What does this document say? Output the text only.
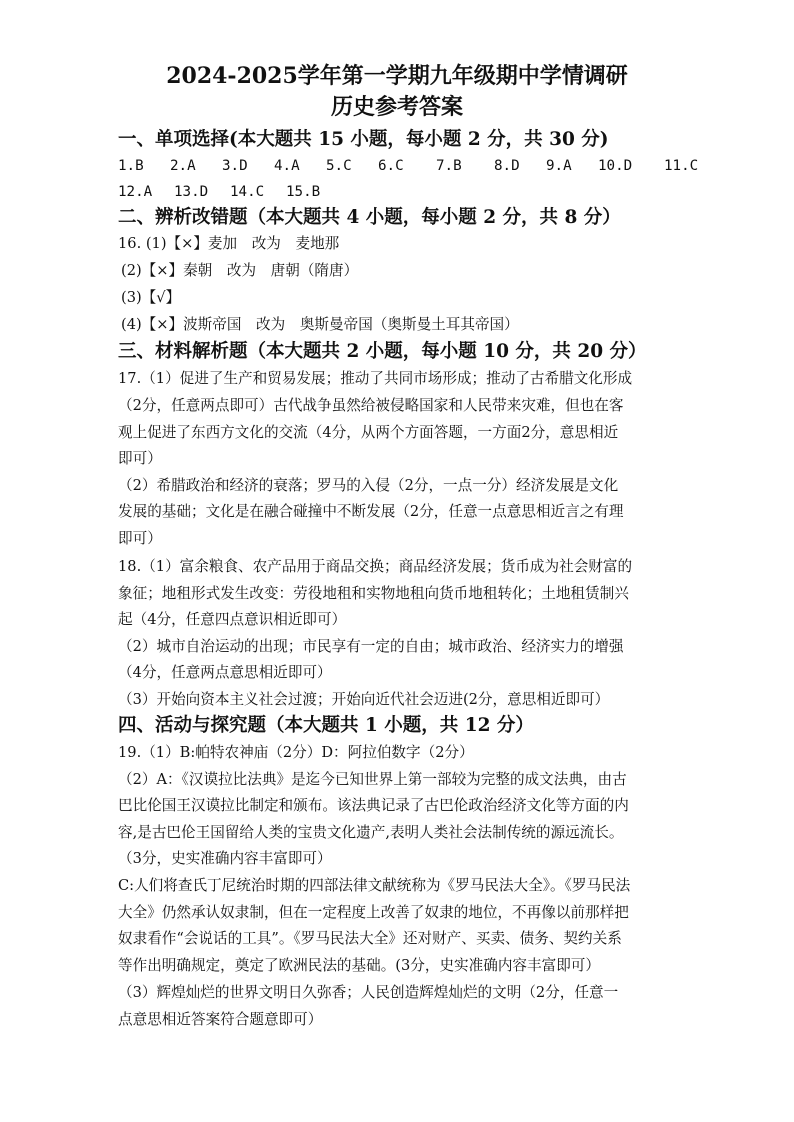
2024-2025学年第一学期九年级期中学情调研
历史参考答案
一、单项选择(本大题共 15 小题，每小题 2 分，共 30 分)
1.B 2.A 3.D 4.A 5.C 6.C 7.B 8.D 9.A 10.D 11.C
12.A 13.D 14.C 15.B
二、辨析改错题（本大题共 4 小题，每小题 2 分，共 8 分）
16. (1)【×】麦加　改为　麦地那
(2)【×】秦朝　改为　唐朝（隋唐）
(3)【√】
(4)【×】波斯帝国　改为　奥斯曼帝国（奥斯曼土耳其帝国）
三、材料解析题（本大题共 2 小题，每小题 10 分，共 20 分）
17.（1）促进了生产和贸易发展；推动了共同市场形成；推动了古希腊文化形成
（2分，任意两点即可）古代战争虽然给被侵略国家和人民带来灾难，但也在客
观上促进了东西方文化的交流（4分，从两个方面答题，一方面2分，意思相近
即可）
（2）希腊政治和经济的衰落；罗马的入侵（2分，一点一分）经济发展是文化
发展的基础；文化是在融合碰撞中不断发展（2分，任意一点意思相近言之有理
即可）
18.（1）富余粮食、农产品用于商品交换；商品经济发展；货币成为社会财富的
象征；地租形式发生改变：劳役地租和实物地租向货币地租转化；土地租赁制兴
起（4分，任意四点意识相近即可）
（2）城市自治运动的出现；市民享有一定的自由；城市政治、经济实力的增强
（4分，任意两点意思相近即可）
（3）开始向资本主义社会过渡；开始向近代社会迈进(2分，意思相近即可）
四、活动与探究题（本大题共 1 小题，共 12 分）
19.（1）B:帕特农神庙（2分）D：阿拉伯数字（2分）
（2）A：《汉谟拉比法典》是迄今已知世界上第一部较为完整的成文法典，由古
巴比伦国王汉谟拉比制定和颁布。该法典记录了古巴伦政治经济文化等方面的内
容,是古巴伦王国留给人类的宝贵文化遗产,表明人类社会法制传统的源远流长。
（3分，史实准确内容丰富即可）
C:人们将查氏丁尼统治时期的四部法律文献统称为《罗马民法大全》。《罗马民法
大全》仍然承认奴隶制，但在一定程度上改善了奴隶的地位，不再像以前那样把
奴隶看作“会说话的工具”。《罗马民法大全》还对财产、买卖、债务、契约关系
等作出明确规定，奠定了欧洲民法的基础。(3分，史实准确内容丰富即可）
（3）辉煌灿烂的世界文明日久弥香；人民创造辉煌灿烂的文明（2分，任意一
点意思相近答案符合题意即可）
